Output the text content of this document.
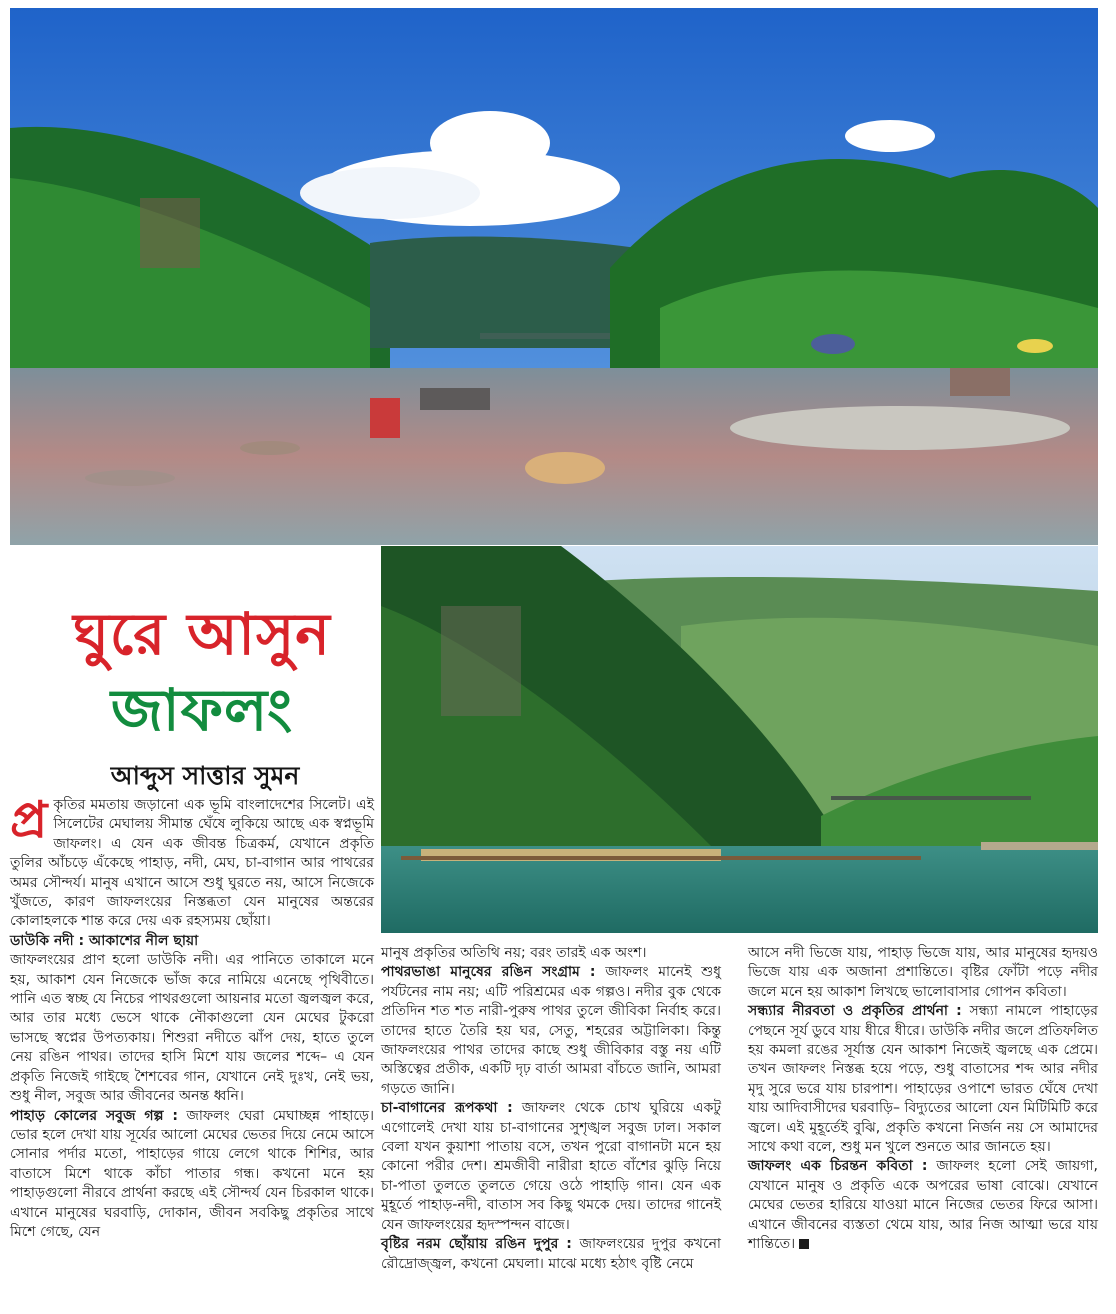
ঘুরে আসুন
জাফলং
আব্দুস সাত্তার সুমন

প্র কৃতির মমতায় জড়ানো এক ভূমি বাংলাদেশের সিলেট। এই সিলেটের মেঘালয় সীমান্ত ঘেঁষে লুকিয়ে আছে এক স্বপ্নভূমি জাফলং। এ যেন এক জীবন্ত চিত্রকর্ম, যেখানে প্রকৃতি তুলির আঁচড়ে এঁকেছে পাহাড়, নদী, মেঘ, চা-বাগান আর পাথরের অমর সৌন্দর্য। মানুষ এখানে আসে শুধু ঘুরতে নয়, আসে নিজেকে খুঁজতে, কারণ জাফলংয়ের নিস্তব্ধতা যেন মানুষের অন্তরের কোলাহলকে শান্ত করে দেয় এক রহস্যময় ছোঁয়া।

ডাউকি নদী : আকাশের নীল ছায়া

জাফলংয়ের প্রাণ হলো ডাউকি নদী। এর পানিতে তাকালে মনে হয়, আকাশ যেন নিজেকে ভাঁজ করে নামিয়ে এনেছে পৃথিবীতে। পানি এত স্বচ্ছ যে নিচের পাথরগুলো আয়নার মতো জ্বলজ্বল করে, আর তার মধ্যে ভেসে থাকে নৌকাগুলো যেন মেঘের টুকরো ভাসছে স্বপ্নের উপত্যকায়। শিশুরা নদীতে ঝাঁপ দেয়, হাতে তুলে নেয় রঙিন পাথর। তাদের হাসি মিশে যায় জলের শব্দে– এ যেন প্রকৃতি নিজেই গাইছে শৈশবের গান, যেখানে নেই দুঃখ, নেই ভয়, শুধু নীল, সবুজ আর জীবনের অনন্ত ধ্বনি।

পাহাড় কোলের সবুজ গল্প : জাফলং ঘেরা মেঘাচ্ছন্ন পাহাড়ে। ভোর হলে দেখা যায় সূর্যের আলো মেঘের ভেতর দিয়ে নেমে আসে সোনার পর্দার মতো, পাহাড়ের গায়ে লেগে থাকে শিশির, আর বাতাসে মিশে থাকে কাঁচা পাতার গন্ধ। কখনো মনে হয় পাহাড়গুলো নীরবে প্রার্থনা করছে এই সৌন্দর্য যেন চিরকাল থাকে। এখানে মানুষের ঘরবাড়ি, দোকান, জীবন সবকিছু প্রকৃতির সাথে মিশে গেছে, যেন

মানুষ প্রকৃতির অতিথি নয়; বরং তারই এক অংশ।

পাথরভাঙা মানুষের রঙিন সংগ্রাম : জাফলং মানেই শুধু পর্যটনের নাম নয়; এটি পরিশ্রমের এক গল্পও। নদীর বুক থেকে প্রতিদিন শত শত নারী-পুরুষ পাথর তুলে জীবিকা নির্বাহ করে। তাদের হাতে তৈরি হয় ঘর, সেতু, শহরের অট্টালিকা। কিন্তু জাফলংয়ের পাথর তাদের কাছে শুধু জীবিকার বস্তু নয় এটি অস্তিত্বের প্রতীক, একটি দৃঢ় বার্তা আমরা বাঁচতে জানি, আমরা গড়তে জানি।

চা-বাগানের রূপকথা : জাফলং থেকে চোখ ঘুরিয়ে একটু এগোলেই দেখা যায় চা-বাগানের সুশৃঙ্খল সবুজ ঢাল। সকাল বেলা যখন কুয়াশা পাতায় বসে, তখন পুরো বাগানটা মনে হয় কোনো পরীর দেশ। শ্রমজীবী নারীরা হাতে বাঁশের ঝুড়ি নিয়ে চা-পাতা তুলতে তুলতে গেয়ে ওঠে পাহাড়ি গান। যেন এক মুহূর্তে পাহাড়-নদী, বাতাস সব কিছু থমকে দেয়। তাদের গানেই যেন জাফলংয়ের হৃদস্পন্দন বাজে।

বৃষ্টির নরম ছোঁয়ায় রঙিন দুপুর : জাফলংয়ের দুপুর কখনো রৌদ্রোজ্জ্বল, কখনো মেঘলা। মাঝে মধ্যে হঠাৎ বৃষ্টি নেমে

আসে নদী ভিজে যায়, পাহাড় ভিজে যায়, আর মানুষের হৃদয়ও ভিজে যায় এক অজানা প্রশান্তিতে। বৃষ্টির ফোঁটা পড়ে নদীর জলে মনে হয় আকাশ লিখছে ভালোবাসার গোপন কবিতা।

সন্ধ্যার নীরবতা ও প্রকৃতির প্রার্থনা : সন্ধ্যা নামলে পাহাড়ের পেছনে সূর্য ডুবে যায় ধীরে ধীরে। ডাউকি নদীর জলে প্রতিফলিত হয় কমলা রঙের সূর্যাস্ত যেন আকাশ নিজেই জ্বলছে এক প্রেমে। তখন জাফলং নিস্তব্ধ হয়ে পড়ে, শুধু বাতাসের শব্দ আর নদীর মৃদু সুরে ভরে যায় চারপাশ। পাহাড়ের ওপাশে ভারত ঘেঁষে দেখা যায় আদিবাসীদের ঘরবাড়ি– বিদ্যুতের আলো যেন মিটিমিটি করে জ্বলে। এই মুহূর্তেই বুঝি, প্রকৃতি কখনো নির্জন নয় সে আমাদের সাথে কথা বলে, শুধু মন খুলে শুনতে আর জানতে হয়।

জাফলং এক চিরন্তন কবিতা : জাফলং হলো সেই জায়গা, যেখানে মানুষ ও প্রকৃতি একে অপরের ভাষা বোঝে। যেখানে মেঘের ভেতর হারিয়ে যাওয়া মানে নিজের ভেতর ফিরে আসা। এখানে জীবনের ব্যস্ততা থেমে যায়, আর নিজ আত্মা ভরে যায় শান্তিতে।
